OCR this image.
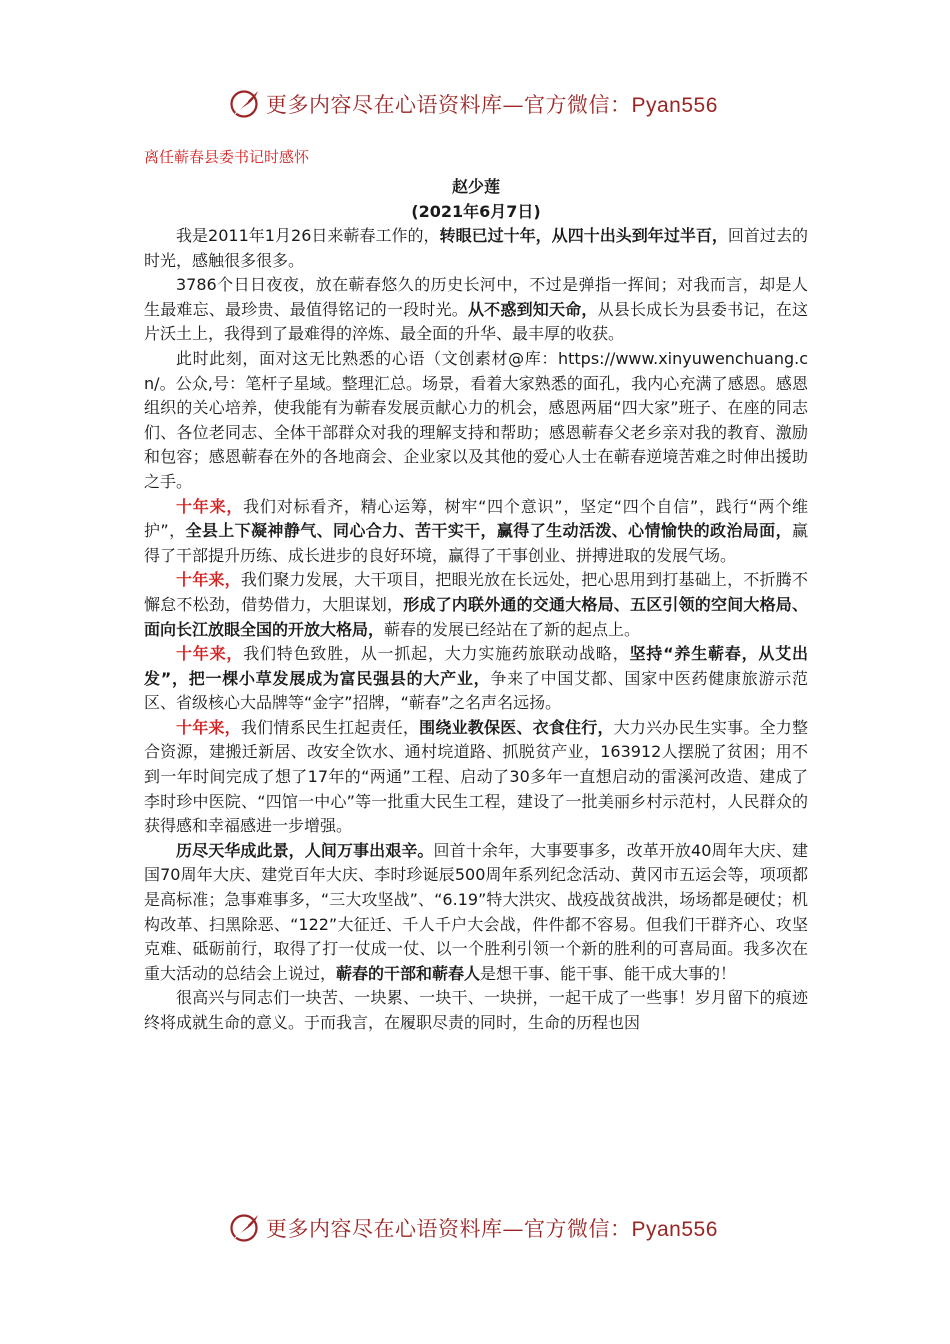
更多内容尽在心语资料库—官方微信：Pyan556
离任蕲春县委书记时感怀
赵少莲
(2021年6月7日)

我是2011年1月26日来蕲春工作的，转眼已过十年，从四十出头到年过半百，回首过去的时光，感触很多很多。

3786个日日夜夜，放在蕲春悠久的历史长河中，不过是弹指一挥间；对我而言，却是人生最难忘、最珍贵、最值得铭记的一段时光。从不惑到知天命，从县长成长为县委书记，在这片沃土上，我得到了最难得的淬炼、最全面的升华、最丰厚的收获。

此时此刻，面对这无比熟悉的心语（文创素材@库：https://www.xinyuwenchuang.cn/。公众,号：笔杆子星域。整理汇总。场景，看着大家熟悉的面孔，我内心充满了感恩。感恩组织的关心培养，使我能有为蕲春发展贡献心力的机会，感恩两届“四大家”班子、在座的同志们、各位老同志、全体干部群众对我的理解支持和帮助；感恩蕲春父老乡亲对我的教育、激励和包容；感恩蕲春在外的各地商会、企业家以及其他的爱心人士在蕲春逆境苦难之时伸出援助之手。

十年来，我们对标看齐，精心运筹，树牢“四个意识”，坚定“四个自信”，践行“两个维护”，全县上下凝神静气、同心合力、苦干实干，赢得了生动活泼、心情愉快的政治局面，赢得了干部提升历练、成长进步的良好环境，赢得了干事创业、拼搏进取的发展气场。

十年来，我们聚力发展，大干项目，把眼光放在长远处，把心思用到打基础上，不折腾不懈怠不松劲，借势借力，大胆谋划，形成了内联外通的交通大格局、五区引领的空间大格局、面向长江放眼全国的开放大格局，蕲春的发展已经站在了新的起点上。

十年来，我们特色致胜，从一抓起，大力实施药旅联动战略，坚持“养生蕲春，从艾出发”，把一棵小草发展成为富民强县的大产业，争来了中国艾都、国家中医药健康旅游示范区、省级核心大品牌等“金字”招牌，“蕲春”之名声名远扬。

十年来，我们情系民生扛起责任，围绕业教保医、衣食住行，大力兴办民生实事。全力整合资源，建搬迁新居、改安全饮水、通村垸道路、抓脱贫产业，163912人摆脱了贫困；用不到一年时间完成了想了17年的“两通”工程、启动了30多年一直想启动的雷溪河改造、建成了李时珍中医院、“四馆一中心”等一批重大民生工程，建设了一批美丽乡村示范村，人民群众的获得感和幸福感进一步增强。

历尽天华成此景，人间万事出艰辛。回首十余年，大事要事多，改革开放40周年大庆、建国70周年大庆、建党百年大庆、李时珍诞辰500周年系列纪念活动、黄冈市五运会等，项项都是高标准；急事难事多，“三大攻坚战”、“6.19”特大洪灾、战疫战贫战洪，场场都是硬仗；机构改革、扫黑除恶、“122”大征迁、千人千户大会战，件件都不容易。但我们干群齐心、攻坚克难、砥砺前行，取得了打一仗成一仗、以一个胜利引领一个新的胜利的可喜局面。我多次在重大活动的总结会上说过，蕲春的干部和蕲春人是想干事、能干事、能干成大事的！

很高兴与同志们一块苦、一块累、一块干、一块拼，一起干成了一些事！岁月留下的痕迹终将成就生命的意义。于而我言，在履职尽责的同时，生命的历程也因

更多内容尽在心语资料库—官方微信：Pyan556
